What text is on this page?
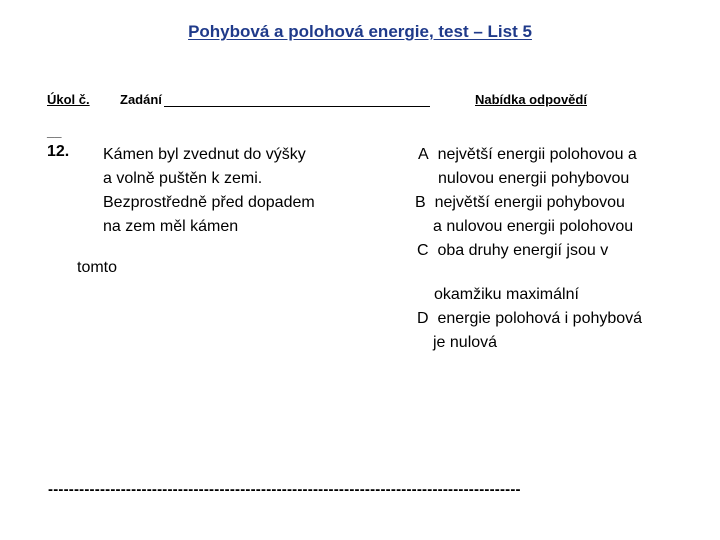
Pohybová a polohová energie, test – List 5
Úkol č. Zadání	Nabídka odpovědí
__
12. Kámen byl zvednut do výšky
a volně puštěn k zemi.
Bezprostředně před dopadem
na zem měl kámen
tomto
A největší energii polohovou a
nulovou energii pohybovou
B největší energii pohybovou
a nulovou energii polohovou
C oba druhy energií jsou v
okamžiku maximální
D energie polohová i pohybová
je nulová
-------------------------------------------------------------------------------------------
